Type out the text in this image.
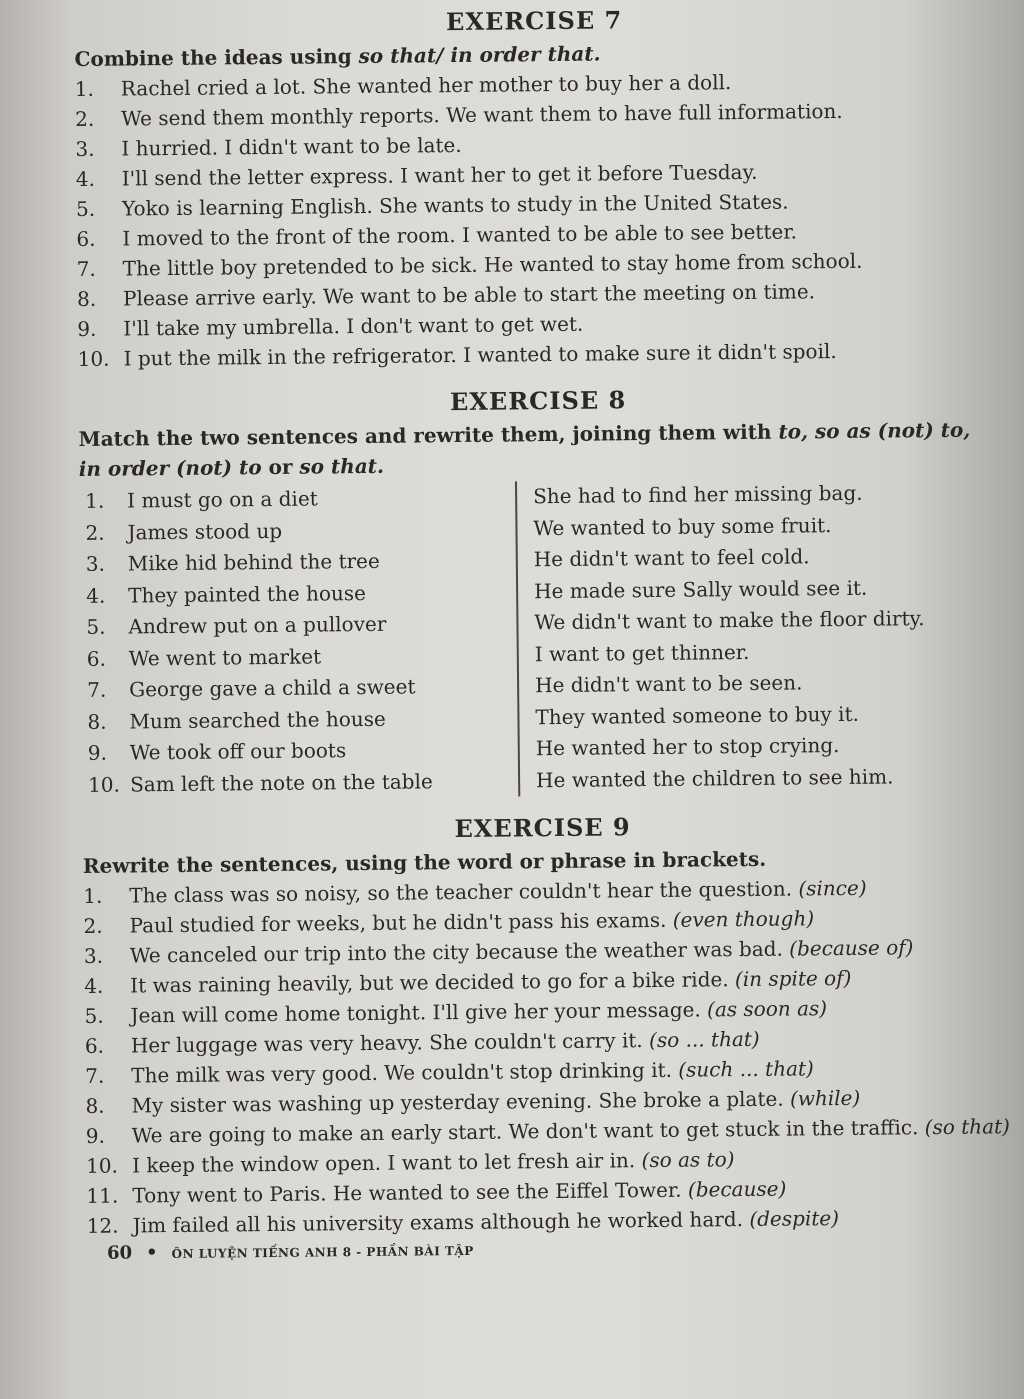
EXERCISE 7

Combine the ideas using so that/ in order that.

1. Rachel cried a lot. She wanted her mother to buy her a doll.
2. We send them monthly reports. We want them to have full information.
3. I hurried. I didn't want to be late.
4. I'll send the letter express. I want her to get it before Tuesday.
5. Yoko is learning English. She wants to study in the United States.
6. I moved to the front of the room. I wanted to be able to see better.
7. The little boy pretended to be sick. He wanted to stay home from school.
8. Please arrive early. We want to be able to start the meeting on time.
9. I'll take my umbrella. I don't want to get wet.
10. I put the milk in the refrigerator. I wanted to make sure it didn't spoil.
EXERCISE 8

Match the two sentences and rewrite them, joining them with to, so as (not) to, in order (not) to or so that.

1. I must go on a diet
2. James stood up
3. Mike hid behind the tree
4. They painted the house
5. Andrew put on a pullover
6. We went to market
7. George gave a child a sweet
8. Mum searched the house
9. We took off our boots
10. Sam left the note on the table
She had to find her missing bag.
We wanted to buy some fruit.
He didn't want to feel cold.
He made sure Sally would see it.
We didn't want to make the floor dirty.
I want to get thinner.
He didn't want to be seen.
They wanted someone to buy it.
He wanted her to stop crying.
He wanted the children to see him.
EXERCISE 9

Rewrite the sentences, using the word or phrase in brackets.

1. The class was so noisy, so the teacher couldn't hear the question. (since)
2. Paul studied for weeks, but he didn't pass his exams. (even though)
3. We canceled our trip into the city because the weather was bad. (because of)
4. It was raining heavily, but we decided to go for a bike ride. (in spite of)
5. Jean will come home tonight. I'll give her your message. (as soon as)
6. Her luggage was very heavy. She couldn't carry it. (so ... that)
7. The milk was very good. We couldn't stop drinking it. (such ... that)
8. My sister was washing up yesterday evening. She broke a plate. (while)
9. We are going to make an early start. We don't want to get stuck in the traffic. (so that)
10. I keep the window open. I want to let fresh air in. (so as to)
11. Tony went to Paris. He wanted to see the Eiffel Tower. (because)
12. Jim failed all his university exams although he worked hard. (despite)
60 • ÔN LUYỆN TIẾNG ANH 8 - PHẦN BÀI TẬP
